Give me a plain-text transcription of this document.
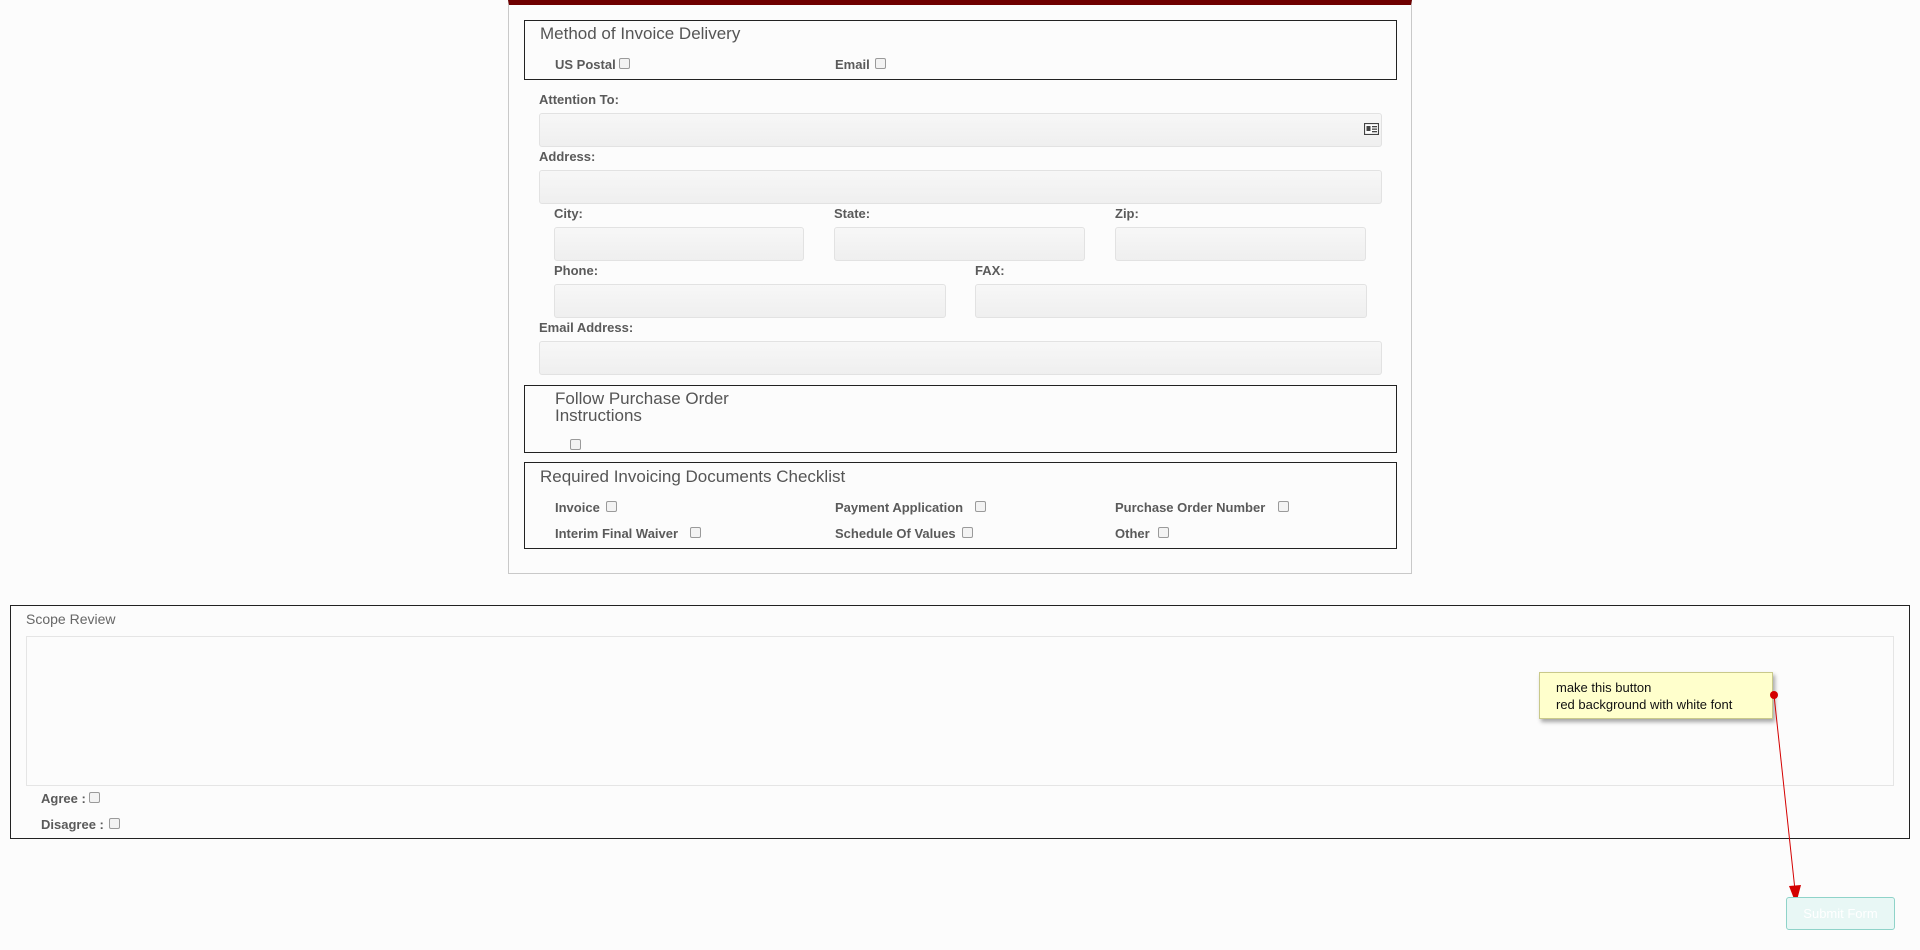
Method of Invoice Delivery
US Postal	Email
Attention To:
Address:
City:	State:	Zip:
Phone:	FAX:
Email Address:
Follow Purchase Order Instructions
Required Invoicing Documents Checklist
Invoice	Payment Application	Purchase Order Number
Interim Final Waiver	Schedule Of Values	Other
Scope Review
Agree :
Disagree :
make this button
red background with white font
Submit Form
